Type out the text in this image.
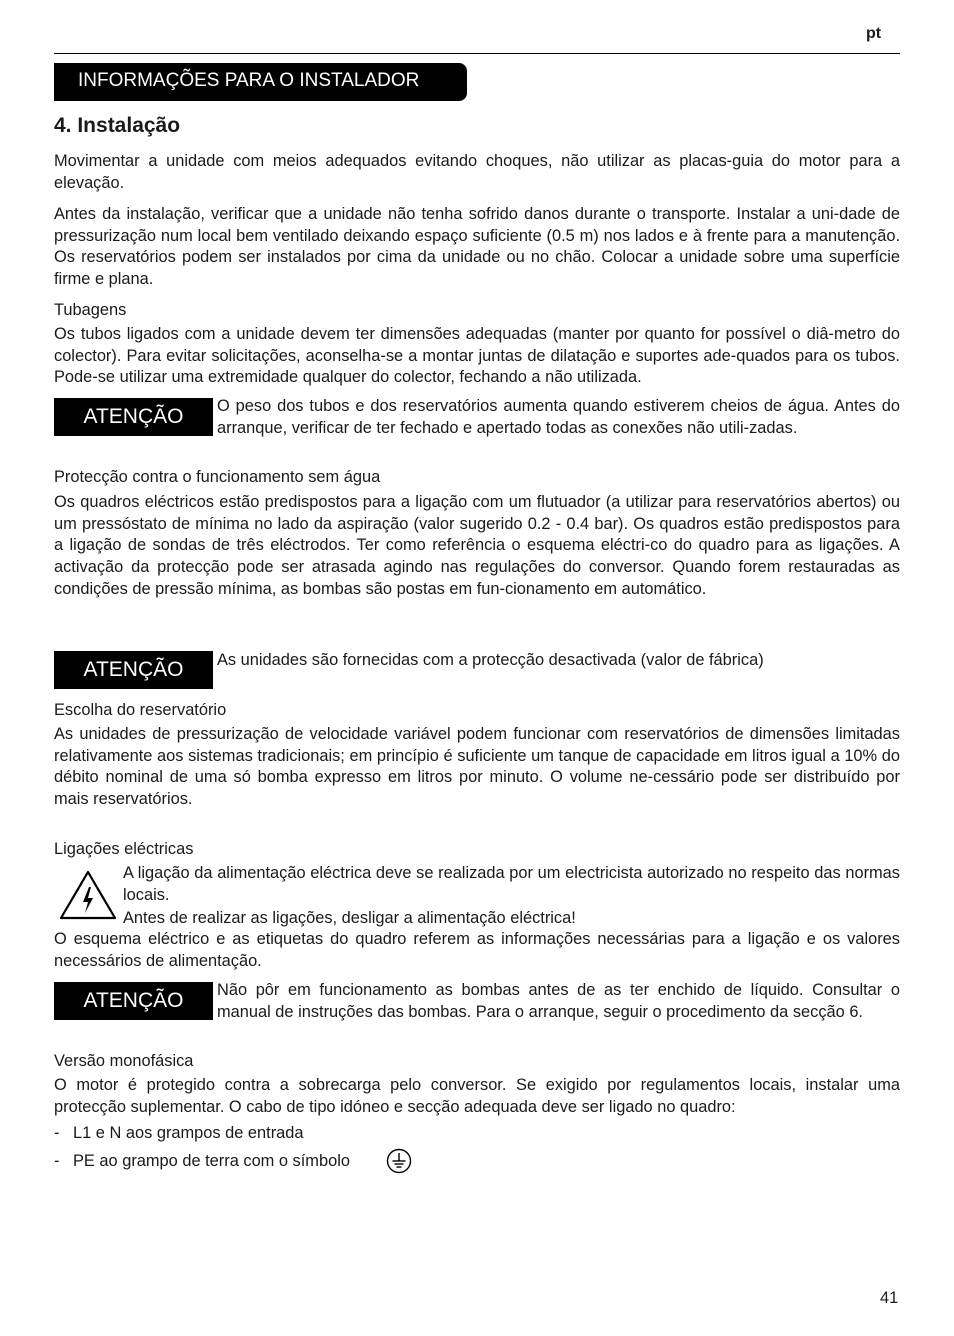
pt
INFORMAÇÕES PARA O INSTALADOR
4. Instalação

Movimentar a unidade com meios adequados evitando choques, não utilizar as placas-guia do motor para a elevação.

Antes da instalação, verificar que a unidade não tenha sofrido danos durante o transporte. Instalar a uni-dade de pressurização num local bem ventilado deixando espaço suficiente (0.5 m) nos lados e à frente para a manutenção. Os reservatórios podem ser instalados por cima da unidade ou no chão. Colocar a unidade sobre uma superfície firme e plana.

Tubagens

Os tubos ligados com a unidade devem ter dimensões adequadas (manter por quanto for possível o diâ-metro do colector). Para evitar solicitações, aconselha-se a montar juntas de dilatação e suportes ade-quados para os tubos. Pode-se utilizar uma extremidade qualquer do colector, fechando a não utilizada.

ATENÇÃO	O peso dos tubos e dos reservatórios aumenta quando estiverem cheios de água. Antes do arranque, verificar de ter fechado e apertado todas as conexões não utili-zadas.

Protecção contra o funcionamento sem água

Os quadros eléctricos estão predispostos para a ligação com um flutuador (a utilizar para reservatórios abertos) ou um pressóstato de mínima no lado da aspiração (valor sugerido 0.2 - 0.4 bar). Os quadros estão predispostos para a ligação de sondas de três eléctrodos. Ter como referência o esquema eléctri-co do quadro para as ligações. A activação da protecção pode ser atrasada agindo nas regulações do conversor. Quando forem restauradas as condições de pressão mínima, as bombas são postas em fun-cionamento em automático.

ATENÇÃO	As unidades são fornecidas com a protecção desactivada (valor de fábrica)

Escolha do reservatório

As unidades de pressurização de velocidade variável podem funcionar com reservatórios de dimensões limitadas relativamente aos sistemas tradicionais; em princípio é suficiente um tanque de capacidade em litros igual a 10% do débito nominal de uma só bomba expresso em litros por minuto. O volume ne-cessário pode ser distribuído por mais reservatórios.

Ligações eléctricas

A ligação da alimentação eléctrica deve se realizada por um electricista autorizado no respeito das normas locais.

Antes de realizar as ligações, desligar a alimentação eléctrica!

O esquema eléctrico e as etiquetas do quadro referem as informações necessárias para a ligação e os valores necessários de alimentação.

ATENÇÃO	Não pôr em funcionamento as bombas antes de as ter enchido de líquido. Consultar o manual de instruções das bombas. Para o arranque, seguir o procedimento da secção 6.

Versão monofásica

O motor é protegido contra a sobrecarga pelo conversor. Se exigido por regulamentos locais, instalar uma protecção suplementar. O cabo de tipo idóneo e secção adequada deve ser ligado no quadro:

- L1 e N aos grampos de entrada
- PE ao grampo de terra com o símbolo
41
